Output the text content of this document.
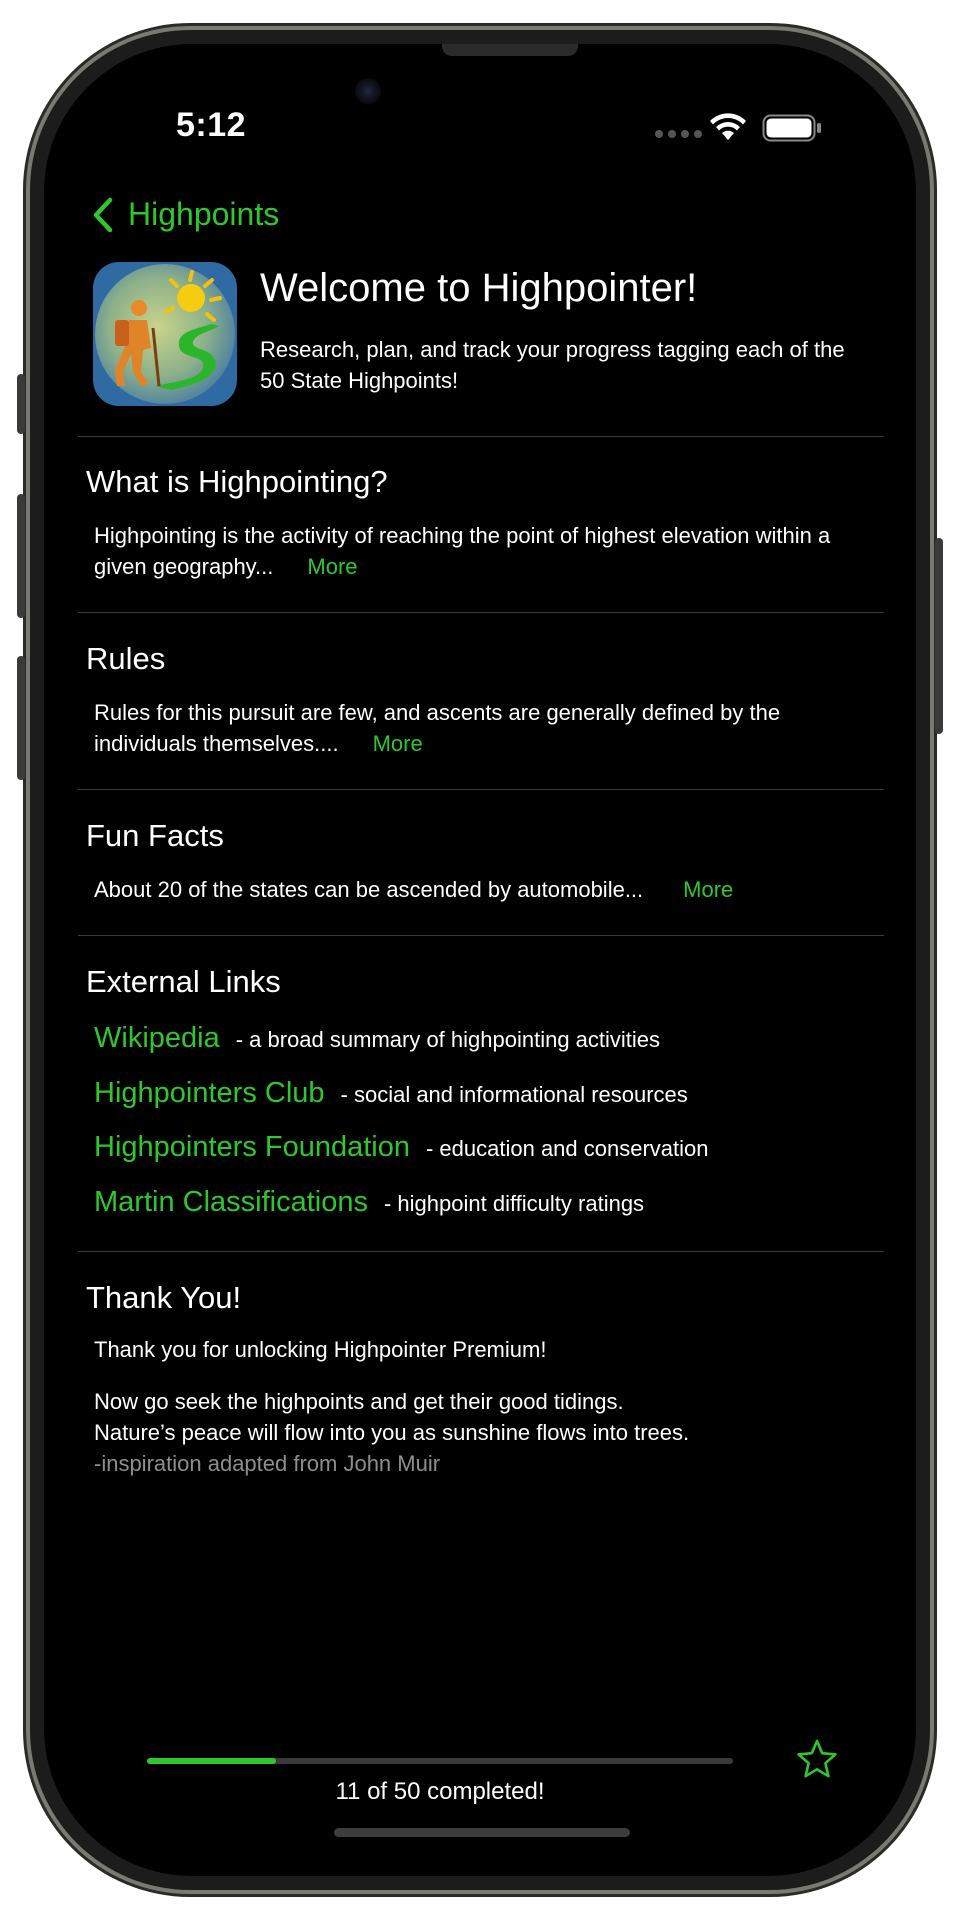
5:12
Highpoints
Welcome to Highpointer!
Research, plan, and track your progress tagging each of the 50 State Highpoints!
What is Highpointing?
Highpointing is the activity of reaching the point of highest elevation within a given geography... More
Rules
Rules for this pursuit are few, and ascents are generally defined by the individuals themselves.... More
Fun Facts
About 20 of the states can be ascended by automobile... More
External Links
Wikipedia - a broad summary of highpointing activities
Highpointers Club - social and informational resources
Highpointers Foundation - education and conservation
Martin Classifications - highpoint difficulty ratings
Thank You!
Thank you for unlocking Highpointer Premium!
Now go seek the highpoints and get their good tidings.
Nature’s peace will flow into you as sunshine flows into trees.
-inspiration adapted from John Muir
11 of 50 completed!
